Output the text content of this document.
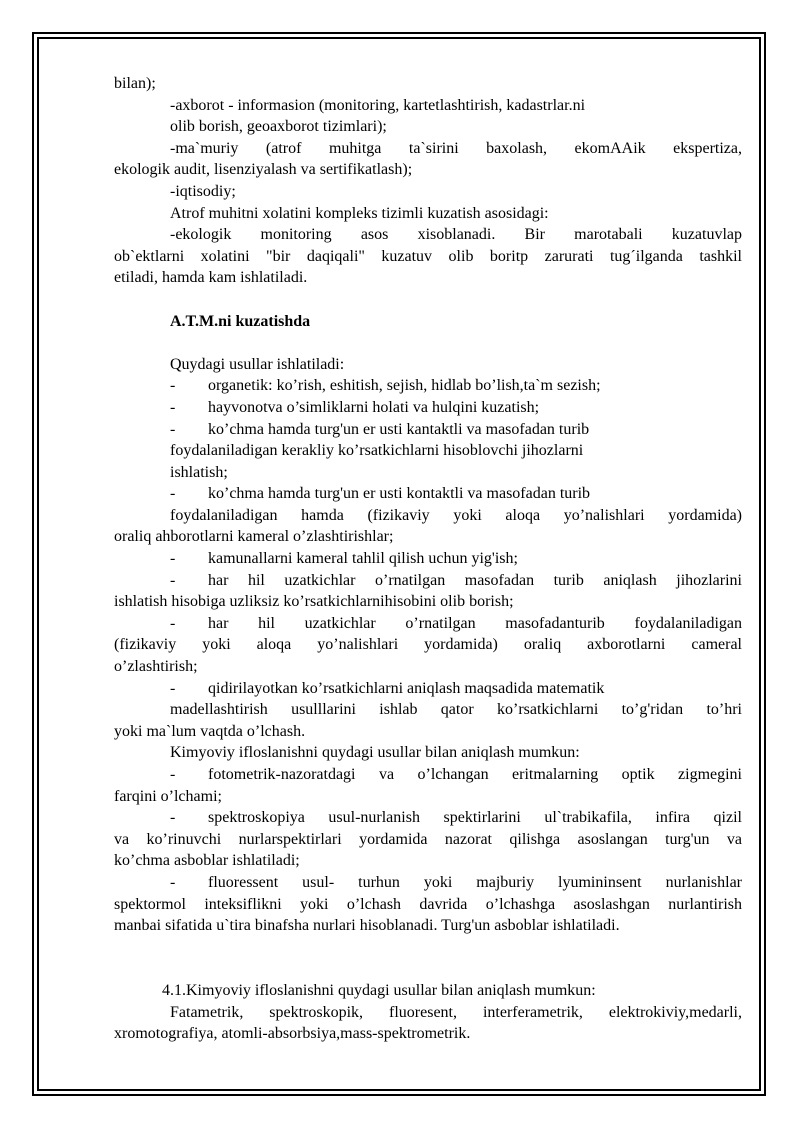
bilan);
-axborot - informasion (monitoring, kartetlashtirish, kadastrlar.ni
olib borish, geoaxborot tizimlari);
-ma`muriy (atrof muhitga ta`sirini baxolash, ekomAAik ekspertiza,
ekologik audit, lisenziyalash va sertifikatlash);
-iqtisodiy;
Atrof muhitni xolatini kompleks tizimli kuzatish asosidagi:
-ekologik monitoring asos xisoblanadi. Bir marotabali kuzatuvlap
ob`ektlarni xolatini "bir daqiqali" kuzatuv olib boritp zarurati tug´ilganda tashkil
etiladi, hamda kam ishlatiladi.
A.T.M.ni kuzatishda
Quydagi usullar ishlatiladi:
-	organetik: ko’rish, eshitish, sejish, hidlab bo’lish,ta`m sezish;
-	hayvonotva o’simliklarni holati va hulqini kuzatish;
-	ko’chma hamda turg'un er usti kantaktli va masofadan turib
foydalaniladigan kerakliy ko’rsatkichlarni hisoblovchi jihozlarni
ishlatish;
-	ko’chma hamda turg'un er usti kontaktli va masofadan turib
foydalaniladigan hamda (fizikaviy yoki aloqa yo’nalishlari yordamida)
oraliq ahborotlarni kameral o’zlashtirishlar;
-	kamunallarni kameral tahlil qilish uchun yig'ish;
-	har hil uzatkichlar o’rnatilgan masofadan turib aniqlash jihozlarini
ishlatish hisobiga uzliksiz ko’rsatkichlarnihisobini olib borish;
-	har hil uzatkichlar o’rnatilgan masofadanturib foydalaniladigan
(fizikaviy yoki aloqa yo’nalishlari yordamida) oraliq axborotlarni cameral
o’zlashtirish;
-	qidirilayotkan ko’rsatkichlarni aniqlash maqsadida matematik
madellashtirish usulllarini ishlab qator ko’rsatkichlarni to’g'ridan to’hri
yoki ma`lum vaqtda o’lchash.
Kimyoviy ifloslanishni quydagi usullar bilan aniqlash mumkun:
-	fotometrik-nazoratdagi va o’lchangan eritmalarning optik zigmegini
farqini o’lchami;
-	spektroskopiya usul-nurlanish spektirlarini ul`trabikafila, infira qizil
va ko’rinuvchi nurlarspektirlari yordamida nazorat qilishga asoslangan turg'un va
ko’chma asboblar ishlatiladi;
-	fluoressent usul- turhun yoki majburiy lyumininsent nurlanishlar
spektormol inteksiflikni yoki o’lchash davrida o’lchashga asoslashgan nurlantirish
manbai sifatida u`tira binafsha nurlari hisoblanadi. Turg'un asboblar ishlatiladi.
4.1.Kimyoviy ifloslanishni quydagi usullar bilan aniqlash mumkun:
Fatametrik, spektroskopik, fluoresent, interferametrik, elektrokiviy,medarli,
xromotografiya, atomli-absorbsiya,mass-spektrometrik.
